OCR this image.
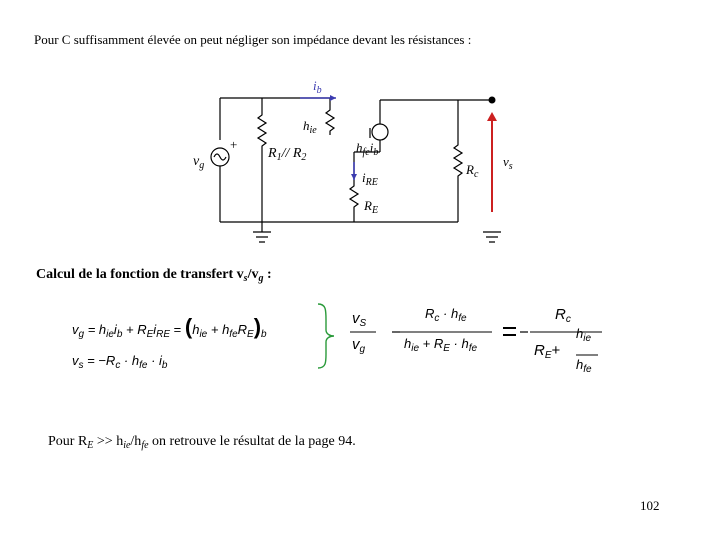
Pour C suffisamment élevée on peut négliger son impédance devant les résistances :
$i_b$
$h_{ie}$
$v_g$
+
$R_1//$ $R_2$
$h_{fe}i_b$
$i_{RE}$
$R_E$
$R_c$
$v_s$
Calcul de la fonction de transfert $v_s/v_g$ :
$v_g = h_{ie}i_b + R_Ei_{RE} = (h_{ie} + h_{fe}R_E)_b$
$v_s = -R_c \cdot h_{fe} \cdot i_b$
$v_S$
$v_g$
$R_c \cdot h_{fe}$
$h_{ie} + R_E \cdot h_{fe}$
$R_c$
$h_{ie}$
$R_E+$
$h_{fe}$
Pour $R_E >> h_{ie}/h_{fe}$ on retrouve le résultat de la page 94.
102
